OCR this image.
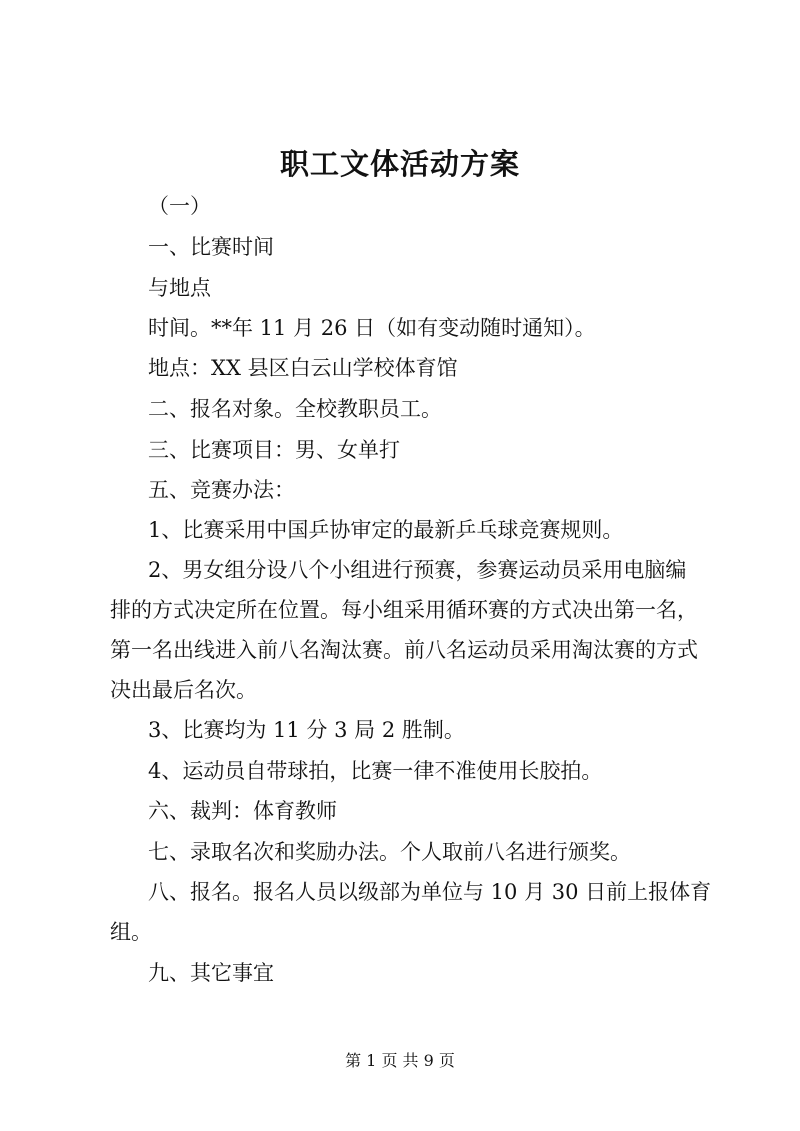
职工文体活动方案
（一）
一、比赛时间
与地点
时间。**年 11 月 26 日（如有变动随时通知）。
地点：XX 县区白云山学校体育馆
二、报名对象。全校教职员工。
三、比赛项目：男、女单打
五、竞赛办法：
1、比赛采用中国乒协审定的最新乒乓球竞赛规则。
2、男女组分设八个小组进行预赛，参赛运动员采用电脑编
排的方式决定所在位置。每小组采用循环赛的方式决出第一名，
第一名出线进入前八名淘汰赛。前八名运动员采用淘汰赛的方式
决出最后名次。
3、比赛均为 11 分 3 局 2 胜制。
4、运动员自带球拍，比赛一律不准使用长胶拍。
六、裁判：体育教师
七、录取名次和奖励办法。个人取前八名进行颁奖。
八、报名。报名人员以级部为单位与 10 月 30 日前上报体育
组。
九、其它事宜
第 1 页 共 9 页
